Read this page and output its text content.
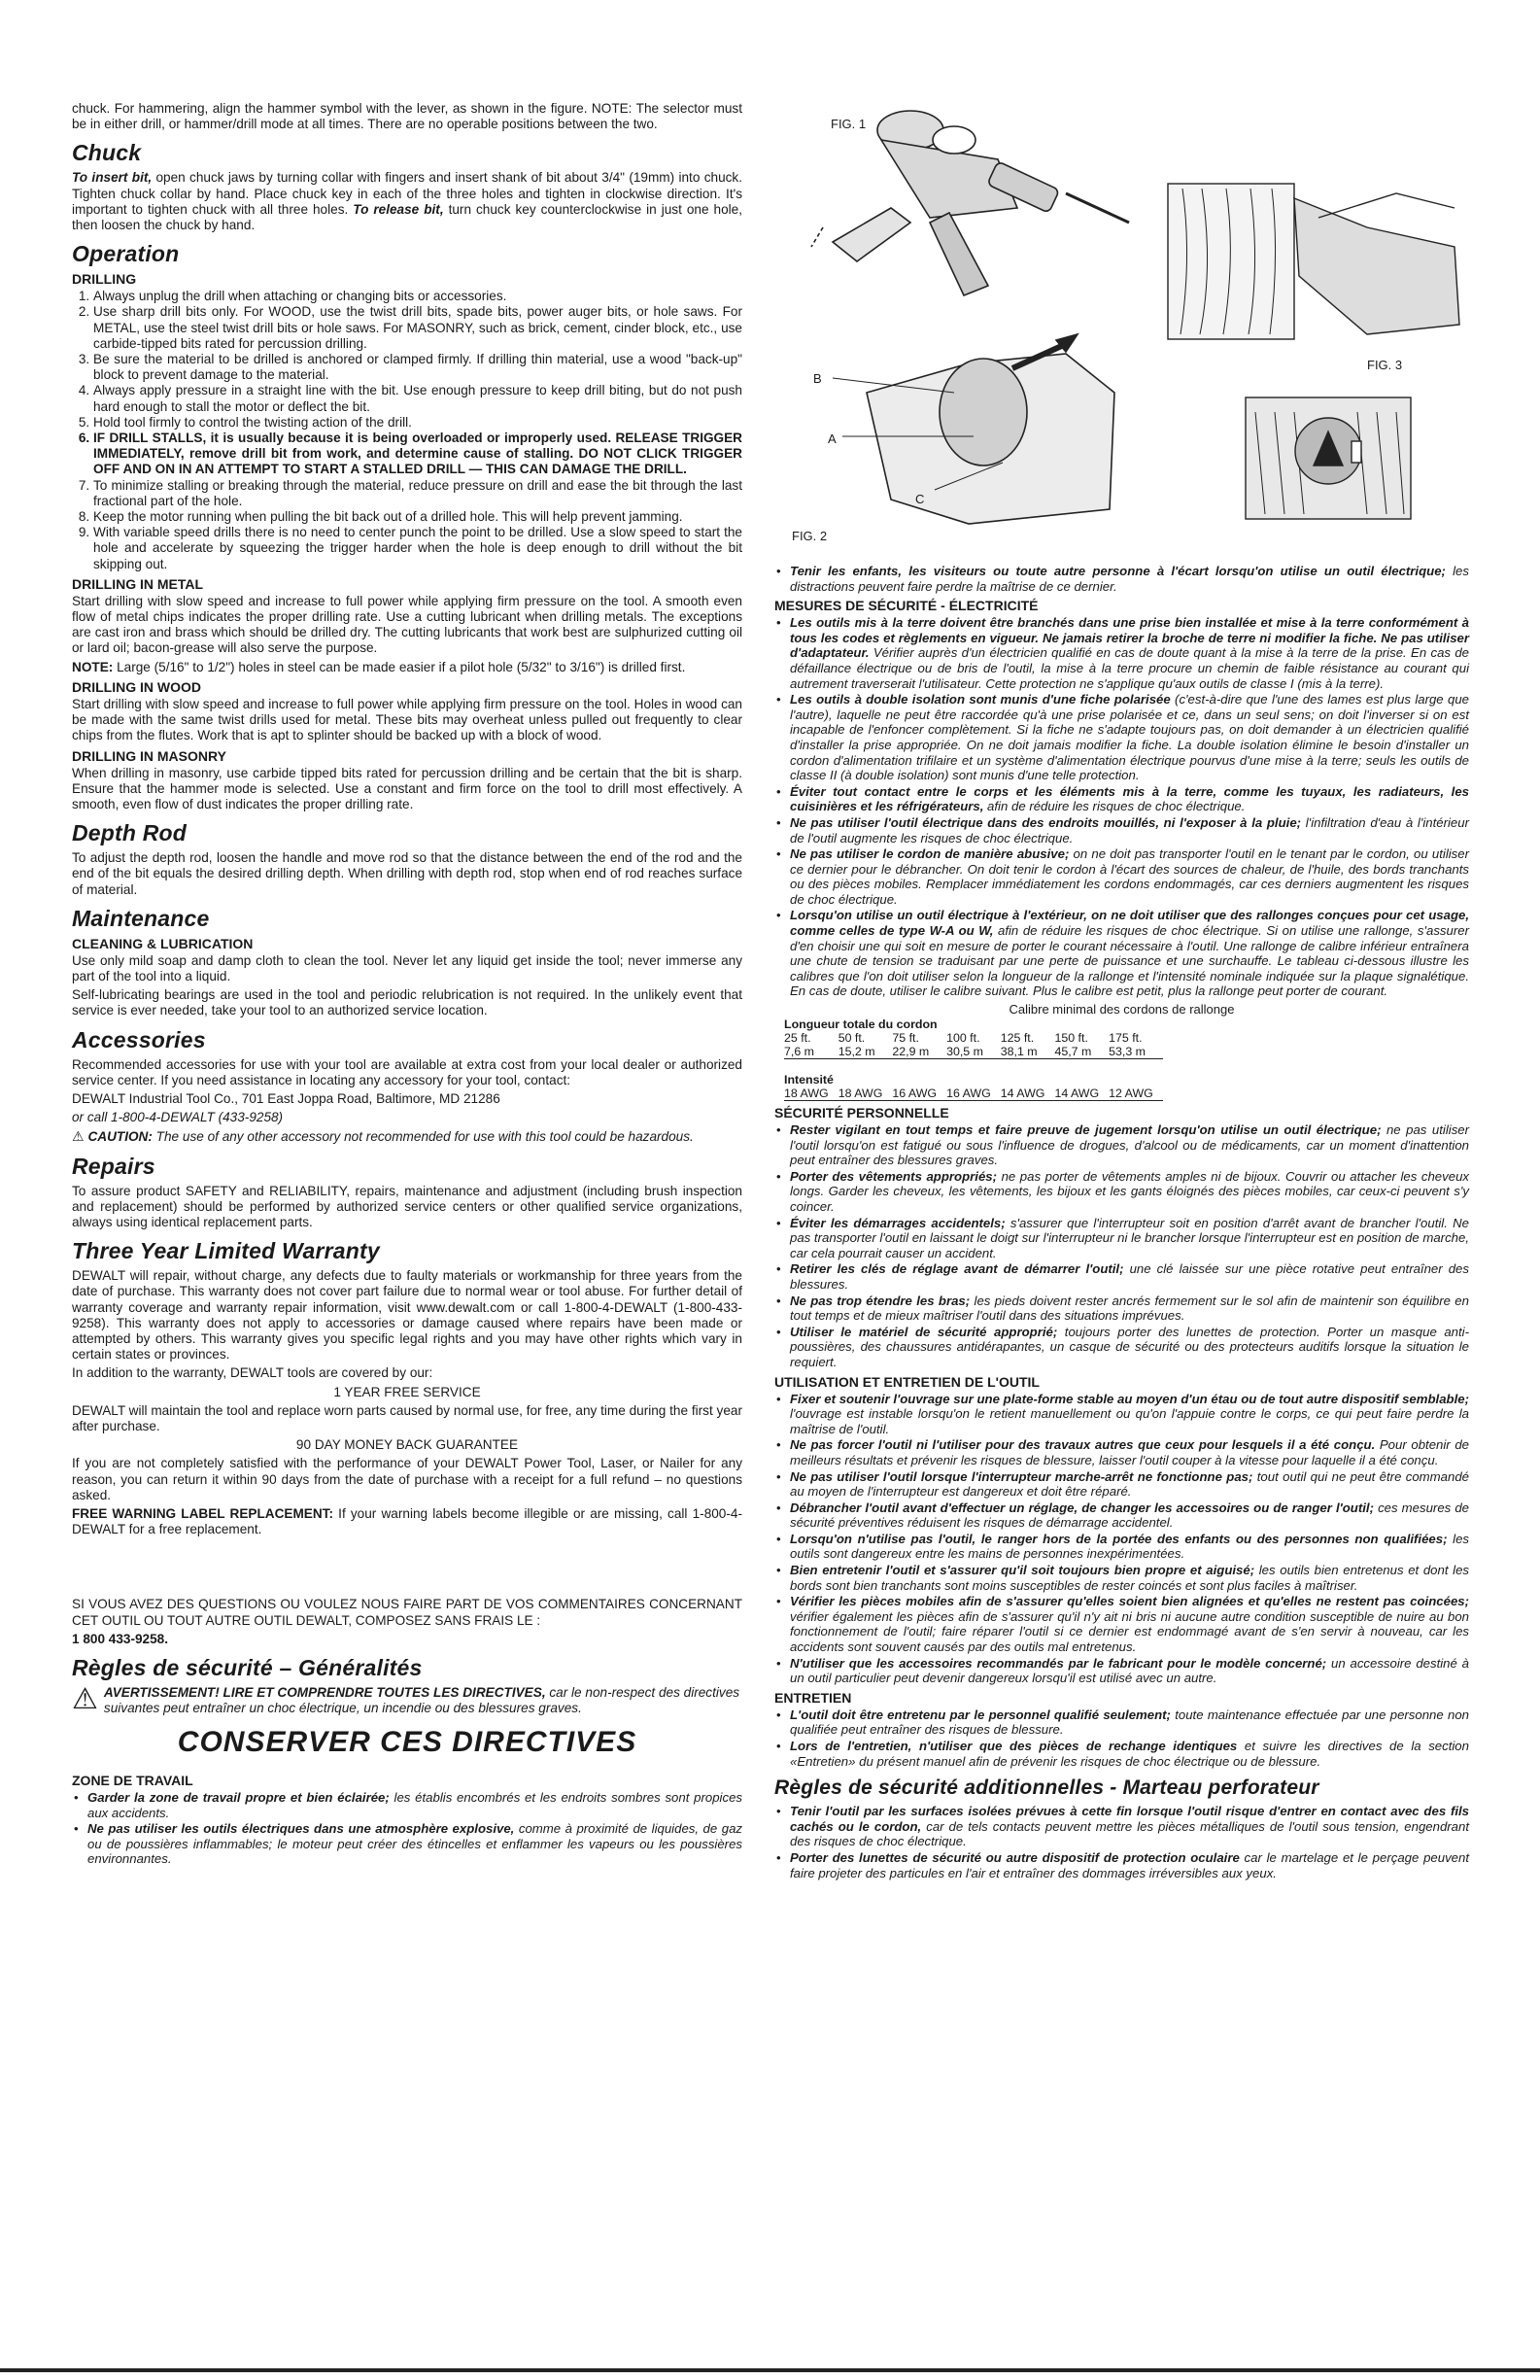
chuck. For hammering, align the hammer symbol with the lever, as shown in the figure. NOTE: The selector must be in either drill, or hammer/drill mode at all times. There are no operable positions between the two.

Chuck

To insert bit, open chuck jaws by turning collar with fingers and insert shank of bit about 3/4" (19mm) into chuck. Tighten chuck collar by hand. Place chuck key in each of the three holes and tighten in clockwise direction. It's important to tighten chuck with all three holes. To release bit, turn chuck key counterclockwise in just one hole, then loosen the chuck by hand.

Operation
DRILLING
1. Always unplug the drill when attaching or changing bits or accessories.
2. Use sharp drill bits only. For WOOD, use the twist drill bits, spade bits, power auger bits, or hole saws. For METAL, use the steel twist drill bits or hole saws. For MASONRY, such as brick, cement, cinder block, etc., use carbide-tipped bits rated for percussion drilling.
3. Be sure the material to be drilled is anchored or clamped firmly. If drilling thin material, use a wood "back-up" block to prevent damage to the material.
4. Always apply pressure in a straight line with the bit. Use enough pressure to keep drill biting, but do not push hard enough to stall the motor or deflect the bit.
5. Hold tool firmly to control the twisting action of the drill.
6. IF DRILL STALLS, it is usually because it is being overloaded or improperly used. RELEASE TRIGGER IMMEDIATELY, remove drill bit from work, and determine cause of stalling. DO NOT CLICK TRIGGER OFF AND ON IN AN ATTEMPT TO START A STALLED DRILL — THIS CAN DAMAGE THE DRILL.
7. To minimize stalling or breaking through the material, reduce pressure on drill and ease the bit through the last fractional part of the hole.
8. Keep the motor running when pulling the bit back out of a drilled hole. This will help prevent jamming.
9. With variable speed drills there is no need to center punch the point to be drilled. Use a slow speed to start the hole and accelerate by squeezing the trigger harder when the hole is deep enough to drill without the bit skipping out.
DRILLING IN METAL

Start drilling with slow speed and increase to full power while applying firm pressure on the tool. A smooth even flow of metal chips indicates the proper drilling rate. Use a cutting lubricant when drilling metals. The exceptions are cast iron and brass which should be drilled dry. The cutting lubricants that work best are sulphurized cutting oil or lard oil; bacon-grease will also serve the purpose.

NOTE: Large (5/16" to 1/2") holes in steel can be made easier if a pilot hole (5/32" to 3/16") is drilled first.

DRILLING IN WOOD

Start drilling with slow speed and increase to full power while applying firm pressure on the tool. Holes in wood can be made with the same twist drills used for metal. These bits may overheat unless pulled out frequently to clear chips from the flutes. Work that is apt to splinter should be backed up with a block of wood.

DRILLING IN MASONRY

When drilling in masonry, use carbide tipped bits rated for percussion drilling and be certain that the bit is sharp. Ensure that the hammer mode is selected. Use a constant and firm force on the tool to drill most effectively. A smooth, even flow of dust indicates the proper drilling rate.

Depth Rod

To adjust the depth rod, loosen the handle and move rod so that the distance between the end of the rod and the end of the bit equals the desired drilling depth. When drilling with depth rod, stop when end of rod reaches surface of material.

Maintenance
CLEANING & LUBRICATION

Use only mild soap and damp cloth to clean the tool. Never let any liquid get inside the tool; never immerse any part of the tool into a liquid.

Self-lubricating bearings are used in the tool and periodic relubrication is not required. In the unlikely event that service is ever needed, take your tool to an authorized service location.

Accessories

Recommended accessories for use with your tool are available at extra cost from your local dealer or authorized service center. If you need assistance in locating any accessory for your tool, contact:

DEWALT Industrial Tool Co., 701 East Joppa Road, Baltimore, MD 21286

or call 1-800-4-DEWALT (433-9258)

⚠ CAUTION: The use of any other accessory not recommended for use with this tool could be hazardous.

Repairs

To assure product SAFETY and RELIABILITY, repairs, maintenance and adjustment (including brush inspection and replacement) should be performed by authorized service centers or other qualified service organizations, always using identical replacement parts.

Three Year Limited Warranty

DEWALT will repair, without charge, any defects due to faulty materials or workmanship for three years from the date of purchase. This warranty does not cover part failure due to normal wear or tool abuse. For further detail of warranty coverage and warranty repair information, visit www.dewalt.com or call 1-800-4-DEWALT (1-800-433-9258). This warranty does not apply to accessories or damage caused where repairs have been made or attempted by others. This warranty gives you specific legal rights and you may have other rights which vary in certain states or provinces.

In addition to the warranty, DEWALT tools are covered by our:

1 YEAR FREE SERVICE

DEWALT will maintain the tool and replace worn parts caused by normal use, for free, any time during the first year after purchase.

90 DAY MONEY BACK GUARANTEE

If you are not completely satisfied with the performance of your DEWALT Power Tool, Laser, or Nailer for any reason, you can return it within 90 days from the date of purchase with a receipt for a full refund – no questions asked.

FREE WARNING LABEL REPLACEMENT: If your warning labels become illegible or are missing, call 1-800-4-DEWALT for a free replacement.

SI VOUS AVEZ DES QUESTIONS OU VOULEZ NOUS FAIRE PART DE VOS COMMENTAIRES CONCERNANT CET OUTIL OU TOUT AUTRE OUTIL DEWALT, COMPOSEZ SANS FRAIS LE :

1 800 433-9258.

Règles de sécurité – Généralités
⚠ AVERTISSEMENT! LIRE ET COMPRENDRE TOUTES LES DIRECTIVES, car le non-respect des directives suivantes peut entraîner un choc électrique, un incendie ou des blessures graves.
CONSERVER CES DIRECTIVES
ZONE DE TRAVAIL
• Garder la zone de travail propre et bien éclairée; les établis encombrés et les endroits sombres sont propices aux accidents.
• Ne pas utiliser les outils électriques dans une atmosphère explosive, comme à proximité de liquides, de gaz ou de poussières inflammables; le moteur peut créer des étincelles et enflammer les vapeurs ou les poussières environnantes.
FIG. 1
FIG. 3
B
A
C
FIG. 2
• Tenir les enfants, les visiteurs ou toute autre personne à l'écart lorsqu'on utilise un outil électrique; les distractions peuvent faire perdre la maîtrise de ce dernier.
MESURES DE SÉCURITÉ - ÉLECTRICITÉ
• Les outils mis à la terre doivent être branchés dans une prise bien installée et mise à la terre conformément à tous les codes et règlements en vigueur. Ne jamais retirer la broche de terre ni modifier la fiche. Ne pas utiliser d'adaptateur. Vérifier auprès d'un électricien qualifié en cas de doute quant à la mise à la terre de la prise. En cas de défaillance électrique ou de bris de l'outil, la mise à la terre procure un chemin de faible résistance au courant qui autrement traverserait l'utilisateur. Cette protection ne s'applique qu'aux outils de classe I (mis à la terre).
• Les outils à double isolation sont munis d'une fiche polarisée (c'est-à-dire que l'une des lames est plus large que l'autre), laquelle ne peut être raccordée qu'à une prise polarisée et ce, dans un seul sens; on doit l'inverser si on est incapable de l'enfoncer complètement. Si la fiche ne s'adapte toujours pas, on doit demander à un électricien qualifié d'installer la prise appropriée. On ne doit jamais modifier la fiche. La double isolation élimine le besoin d'installer un cordon d'alimentation trifilaire et un système d'alimentation électrique pourvus d'une mise à la terre; seuls les outils de classe II (à double isolation) sont munis d'une telle protection.
• Éviter tout contact entre le corps et les éléments mis à la terre, comme les tuyaux, les radiateurs, les cuisinières et les réfrigérateurs, afin de réduire les risques de choc électrique.
• Ne pas utiliser l'outil électrique dans des endroits mouillés, ni l'exposer à la pluie; l'infiltration d'eau à l'intérieur de l'outil augmente les risques de choc électrique.
• Ne pas utiliser le cordon de manière abusive; on ne doit pas transporter l'outil en le tenant par le cordon, ou utiliser ce dernier pour le débrancher. On doit tenir le cordon à l'écart des sources de chaleur, de l'huile, des bords tranchants ou des pièces mobiles. Remplacer immédiatement les cordons endommagés, car ces derniers augmentent les risques de choc électrique.
• Lorsqu'on utilise un outil électrique à l'extérieur, on ne doit utiliser que des rallonges conçues pour cet usage, comme celles de type W-A ou W, afin de réduire les risques de choc électrique. Si on utilise une rallonge, s'assurer d'en choisir une qui soit en mesure de porter le courant nécessaire à l'outil. Une rallonge de calibre inférieur entraînera une chute de tension se traduisant par une perte de puissance et une surchauffe. Le tableau ci-dessous illustre les calibres que l'on doit utiliser selon la longueur de la rallonge et l'intensité nominale indiquée sur la plaque signalétique. En cas de doute, utiliser le calibre suivant. Plus le calibre est petit, plus la rallonge peut porter de courant.
Calibre minimal des cordons de rallonge
Longueur totale du cordon						
25 ft.	50 ft.	75 ft.	100 ft.	125 ft.	150 ft.	175 ft.
7,6 m	15,2 m	22,9 m	30,5 m	38,1 m	45,7 m	53,3 m

Intensité						
18 AWG	18 AWG	16 AWG	16 AWG	14 AWG	14 AWG	12 AWG
SÉCURITÉ PERSONNELLE
• Rester vigilant en tout temps et faire preuve de jugement lorsqu'on utilise un outil électrique; ne pas utiliser l'outil lorsqu'on est fatigué ou sous l'influence de drogues, d'alcool ou de médicaments, car un moment d'inattention peut entraîner des blessures graves.
• Porter des vêtements appropriés; ne pas porter de vêtements amples ni de bijoux. Couvrir ou attacher les cheveux longs. Garder les cheveux, les vêtements, les bijoux et les gants éloignés des pièces mobiles, car ceux-ci peuvent s'y coincer.
• Éviter les démarrages accidentels; s'assurer que l'interrupteur soit en position d'arrêt avant de brancher l'outil. Ne pas transporter l'outil en laissant le doigt sur l'interrupteur ni le brancher lorsque l'interrupteur est en position de marche, car cela pourrait causer un accident.
• Retirer les clés de réglage avant de démarrer l'outil; une clé laissée sur une pièce rotative peut entraîner des blessures.
• Ne pas trop étendre les bras; les pieds doivent rester ancrés fermement sur le sol afin de maintenir son équilibre en tout temps et de mieux maîtriser l'outil dans des situations imprévues.
• Utiliser le matériel de sécurité approprié; toujours porter des lunettes de protection. Porter un masque anti-poussières, des chaussures antidérapantes, un casque de sécurité ou des protecteurs auditifs lorsque la situation le requiert.
UTILISATION ET ENTRETIEN DE L'OUTIL
• Fixer et soutenir l'ouvrage sur une plate-forme stable au moyen d'un étau ou de tout autre dispositif semblable; l'ouvrage est instable lorsqu'on le retient manuellement ou qu'on l'appuie contre le corps, ce qui peut faire perdre la maîtrise de l'outil.
• Ne pas forcer l'outil ni l'utiliser pour des travaux autres que ceux pour lesquels il a été conçu. Pour obtenir de meilleurs résultats et prévenir les risques de blessure, laisser l'outil couper à la vitesse pour laquelle il a été conçu.
• Ne pas utiliser l'outil lorsque l'interrupteur marche-arrêt ne fonctionne pas; tout outil qui ne peut être commandé au moyen de l'interrupteur est dangereux et doit être réparé.
• Débrancher l'outil avant d'effectuer un réglage, de changer les accessoires ou de ranger l'outil; ces mesures de sécurité préventives réduisent les risques de démarrage accidentel.
• Lorsqu'on n'utilise pas l'outil, le ranger hors de la portée des enfants ou des personnes non qualifiées; les outils sont dangereux entre les mains de personnes inexpérimentées.
• Bien entretenir l'outil et s'assurer qu'il soit toujours bien propre et aiguisé; les outils bien entretenus et dont les bords sont bien tranchants sont moins susceptibles de rester coincés et sont plus faciles à maîtriser.
• Vérifier les pièces mobiles afin de s'assurer qu'elles soient bien alignées et qu'elles ne restent pas coincées; vérifier également les pièces afin de s'assurer qu'il n'y ait ni bris ni aucune autre condition susceptible de nuire au bon fonctionnement de l'outil; faire réparer l'outil si ce dernier est endommagé avant de s'en servir à nouveau, car les accidents sont souvent causés par des outils mal entretenus.
• N'utiliser que les accessoires recommandés par le fabricant pour le modèle concerné; un accessoire destiné à un outil particulier peut devenir dangereux lorsqu'il est utilisé avec un autre.
ENTRETIEN
• L'outil doit être entretenu par le personnel qualifié seulement; toute maintenance effectuée par une personne non qualifiée peut entraîner des risques de blessure.
• Lors de l'entretien, n'utiliser que des pièces de rechange identiques et suivre les directives de la section «Entretien» du présent manuel afin de prévenir les risques de choc électrique ou de blessure.
Règles de sécurité additionnelles - Marteau perforateur
• Tenir l'outil par les surfaces isolées prévues à cette fin lorsque l'outil risque d'entrer en contact avec des fils cachés ou le cordon, car de tels contacts peuvent mettre les pièces métalliques de l'outil sous tension, engendrant des risques de choc électrique.
• Porter des lunettes de sécurité ou autre dispositif de protection oculaire car le martelage et le perçage peuvent faire projeter des particules en l'air et entraîner des dommages irréversibles aux yeux.
